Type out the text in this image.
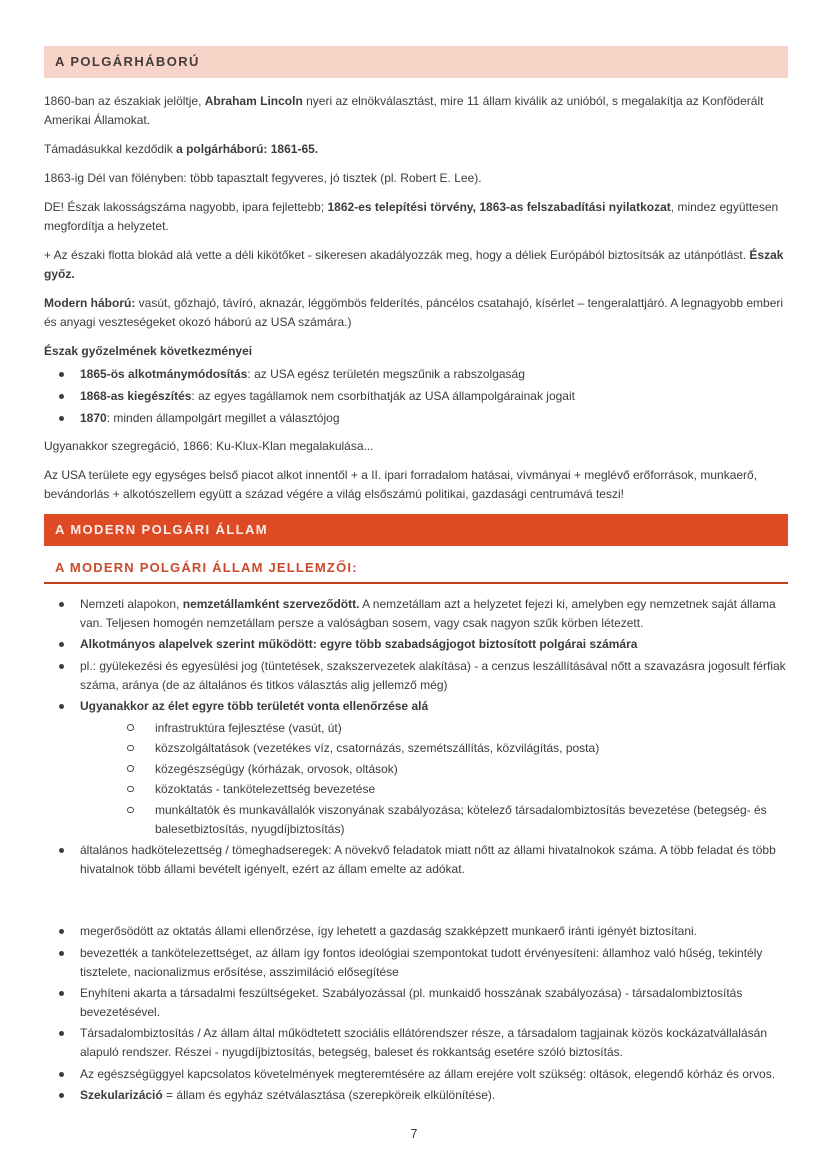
A POLGÁRHÁBORÚ

1860-ban az északiak jelöltje, Abraham Lincoln nyeri az elnökválasztást, mire 11 állam kiválik az unióból, s megalakítja az Konföderált Amerikai Államokat.

Támadásukkal kezdődik a polgárháború: 1861-65.

1863-ig Dél van fölényben: több tapasztalt fegyveres, jó tisztek (pl. Robert E. Lee).

DE! Észak lakosságszáma nagyobb, ipara fejlettebb; 1862-es telepítési törvény, 1863-as felszabadítási nyilatkozat, mindez együttesen megfordítja a helyzetet.

+ Az északi flotta blokád alá vette a déli kikötőket - sikeresen akadályozzák meg, hogy a déliek Európából biztosítsák az utánpótlást. Észak győz.

Modern háború: vasút, gőzhajó, távíró, aknazár, léggömbös felderítés, páncélos csatahajó, kísérlet – tengeralattjáró. A legnagyobb emberi és anyagi veszteségeket okozó háború az USA számára.)

Észak győzelmének következményei

1865-ös alkotmánymódosítás: az USA egész területén megszűnik a rabszolgaság
1868-as kiegészítés: az egyes tagállamok nem csorbíthatják az USA állampolgárainak jogait
1870: minden állampolgárt megillet a választójog

Ugyanakkor szegregáció, 1866: Ku-Klux-Klan megalakulása...

Az USA területe egy egységes belső piacot alkot innentől + a II. ipari forradalom hatásai, vívmányai + meglévő erőforrások, munkaerő, bevándorlás + alkotószellem együtt a század végére a világ elsőszámú politikai, gazdasági centrumává teszi!

A MODERN POLGÁRI ÁLLAM
A MODERN POLGÁRI ÁLLAM JELLEMZŐI:
Nemzeti alapokon, nemzetállamként szerveződött. A nemzetállam azt a helyzetet fejezi ki, amelyben egy nemzetnek saját állama van. Teljesen homogén nemzetállam persze a valóságban sosem, vagy csak nagyon szűk körben létezett.
Alkotmányos alapelvek szerint működött: egyre több szabadságjogot biztosított polgárai számára
pl.: gyülekezési és egyesülési jog (tüntetések, szakszervezetek alakítása) - a cenzus leszállításával nőtt a szavazásra jogosult férfiak száma, aránya (de az általános és titkos választás alig jellemző még)
Ugyanakkor az élet egyre több területét vonta ellenőrzése alá
infrastruktúra fejlesztése (vasút, út)
közszolgáltatások (vezetékes víz, csatornázás, szemétszállítás, közvilágítás, posta)
közegészségügy (kórházak, orvosok, oltások)
közoktatás - tankötelezettség bevezetése
munkáltatók és munkavállalók viszonyának szabályozása; kötelező társadalombiztosítás bevezetése (betegség- és balesetbiztosítás, nyugdíjbiztosítás)
általános hadkötelezettség / tömeghadseregek: A növekvő feladatok miatt nőtt az állami hivatalnokok száma. A több feladat és több hivatalnok több állami bevételt igényelt, ezért az állam emelte az adókat.
megerősödött az oktatás állami ellenőrzése, így lehetett a gazdaság szakképzett munkaerő iránti igényét biztosítani.
bevezették a tankötelezettséget, az állam így fontos ideológiai szempontokat tudott érvényesíteni: államhoz való hűség, tekintély tisztelete, nacionalizmus erősítése, asszimiláció elősegítése
Enyhíteni akarta a társadalmi feszültségeket. Szabályozással (pl. munkaidő hosszának szabályozása) - társadalombiztosítás bevezetésével.
Társadalombiztosítás / Az állam által működtetett szociális ellátórendszer része, a társadalom tagjainak közös kockázatvállalásán alapuló rendszer. Részei - nyugdíjbiztosítás, betegség, baleset és rokkantság esetére szóló biztosítás.
Az egészségüggyel kapcsolatos követelmények megteremtésére az állam erejére volt szükség: oltások, elegendő kórház és orvos.
Szekularizáció = állam és egyház szétválasztása (szerepköreik elkülönítése).
7
